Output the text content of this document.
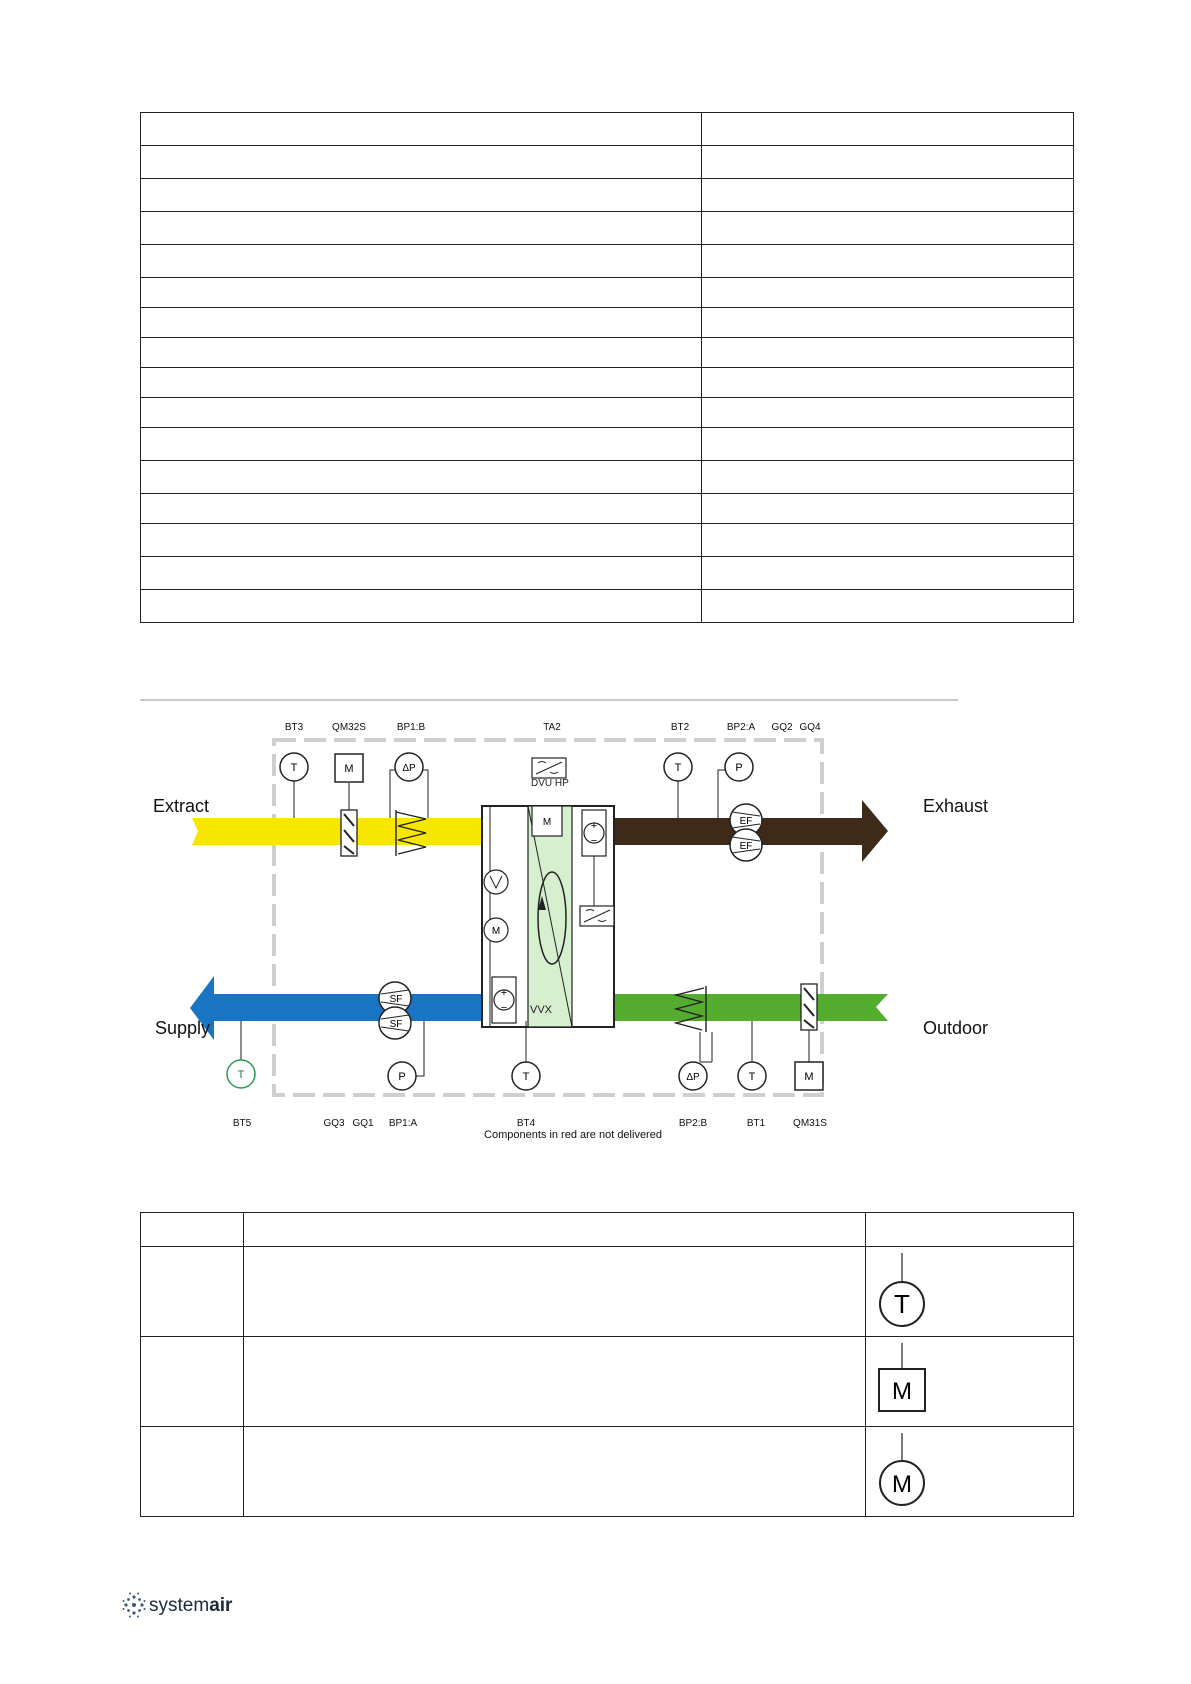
VVX
M
M
+
−
+
−
DVU HP
T	M	ΔP	T	P
EF
EF
T
SF
SF
P	T	ΔP	T	M
Extract	Exhaust
Supply	Outdoor
BT3	QM32S	BP1:B	TA2	BT2	BP2:A GQ2 GQ4
BT5	GQ3 GQ1 BP1:A	BT4	BP2:B	BT1	QM31S
Components in red are not delivered

T

M

M
systemair
